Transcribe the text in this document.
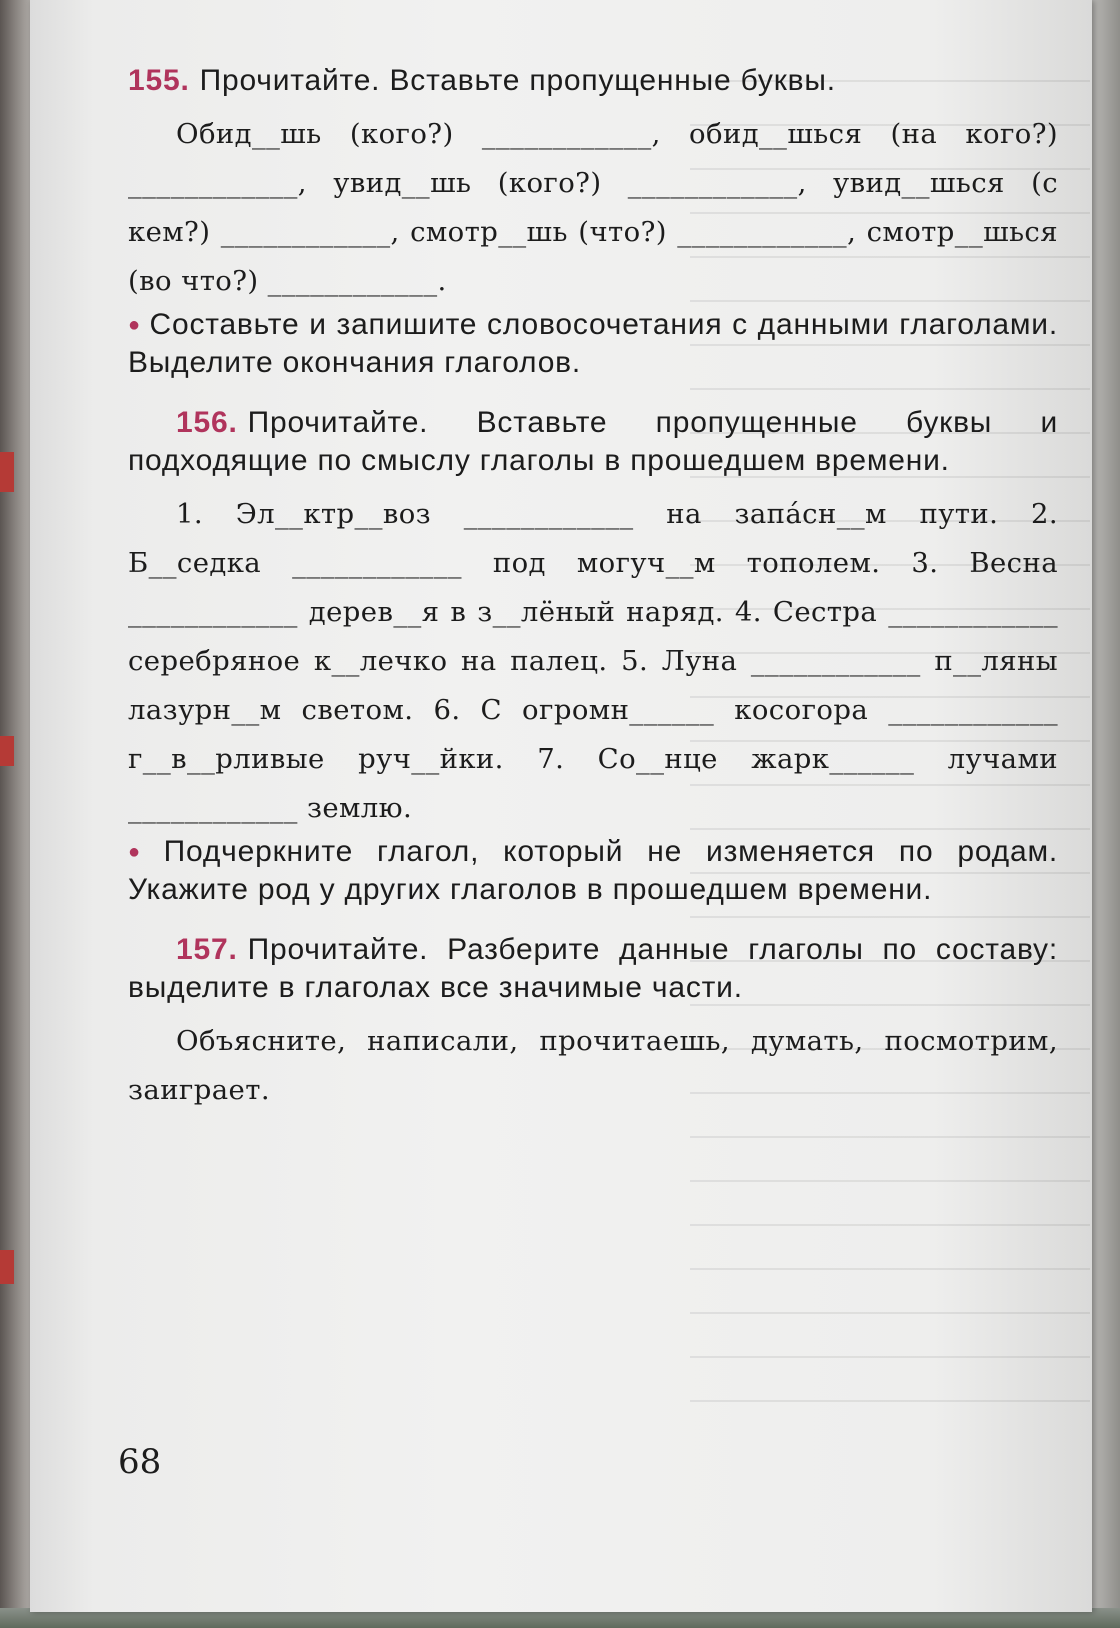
155. Прочитайте. Вставьте пропущенные буквы.

Обид__шь (кого?) ____________, обид__шься (на кого?) ____________, увид__шь (кого?) ____________, увид__шься (с кем?) ____________, смотр__шь (что?) ____________, смотр__шься (во что?) ____________.

● Составьте и запишите словосочетания с данными глаголами. Выделите окончания глаголов.

156. Прочитайте. Вставьте пропущенные буквы и подходящие по смыслу глаголы в прошедшем времени.

1. Эл__ктр__воз ____________ на запа́сн__м пути. 2. Б__седка ____________ под могуч__м тополем. 3. Весна ____________ дерев__я в з__лёный наряд. 4. Сестра ____________ серебряное к__лечко на палец. 5. Луна ____________ п__ляны лазурн__м светом. 6. С огромн______ косогора ____________ г__в__рливые руч__йки. 7. Со__нце жарк______ лучами ____________ землю.

● Подчеркните глагол, который не изменяется по родам. Укажите род у других глаголов в прошедшем времени.

157. Прочитайте. Разберите данные глаголы по составу: выделите в глаголах все значимые части.

Объясните, написали, прочитаешь, думать, посмотрим, заиграет.

68
